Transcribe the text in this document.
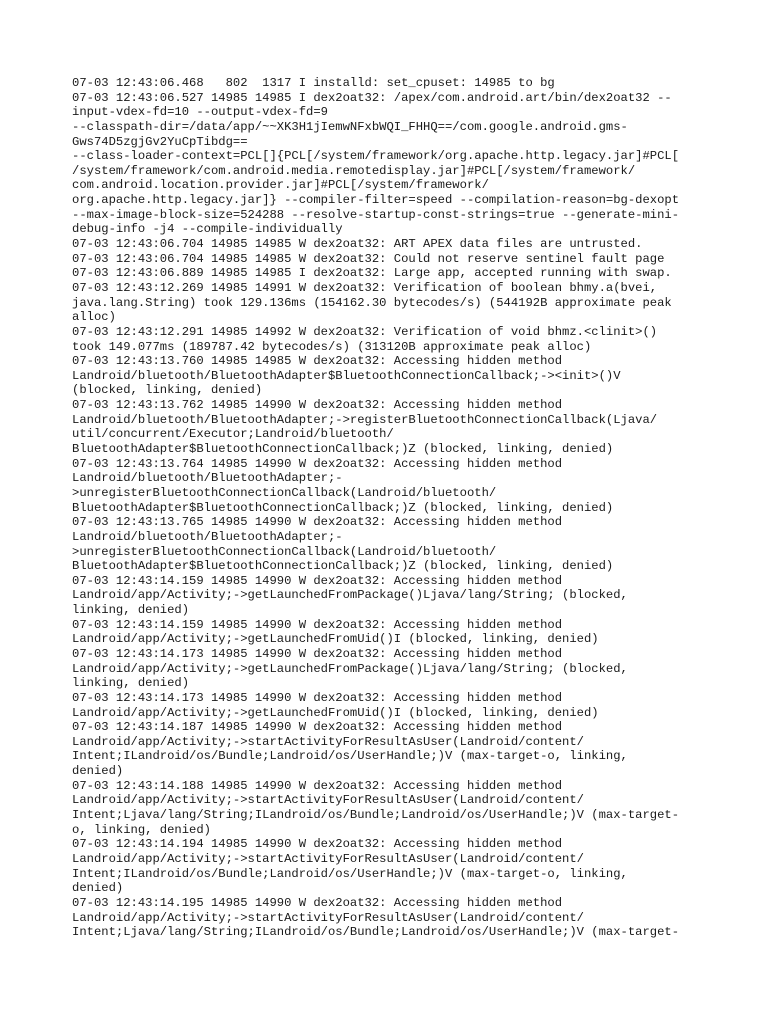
07-03 12:43:06.468   802  1317 I installd: set_cpuset: 14985 to bg
07-03 12:43:06.527 14985 14985 I dex2oat32: /apex/com.android.art/bin/dex2oat32 --
input-vdex-fd=10 --output-vdex-fd=9
--classpath-dir=/data/app/~~XK3H1jIemwNFxbWQI_FHHQ==/com.google.android.gms-
Gws74D5zgjGv2YuCpTibdg==
--class-loader-context=PCL[]{PCL[/system/framework/org.apache.http.legacy.jar]#PCL[
/system/framework/com.android.media.remotedisplay.jar]#PCL[/system/framework/
com.android.location.provider.jar]#PCL[/system/framework/
org.apache.http.legacy.jar]} --compiler-filter=speed --compilation-reason=bg-dexopt
--max-image-block-size=524288 --resolve-startup-const-strings=true --generate-mini-
debug-info -j4 --compile-individually
07-03 12:43:06.704 14985 14985 W dex2oat32: ART APEX data files are untrusted.
07-03 12:43:06.704 14985 14985 W dex2oat32: Could not reserve sentinel fault page
07-03 12:43:06.889 14985 14985 I dex2oat32: Large app, accepted running with swap.
07-03 12:43:12.269 14985 14991 W dex2oat32: Verification of boolean bhmy.a(bvei,
java.lang.String) took 129.136ms (154162.30 bytecodes/s) (544192B approximate peak
alloc)
07-03 12:43:12.291 14985 14992 W dex2oat32: Verification of void bhmz.<clinit>()
took 149.077ms (189787.42 bytecodes/s) (313120B approximate peak alloc)
07-03 12:43:13.760 14985 14985 W dex2oat32: Accessing hidden method
Landroid/bluetooth/BluetoothAdapter$BluetoothConnectionCallback;-><init>()V
(blocked, linking, denied)
07-03 12:43:13.762 14985 14990 W dex2oat32: Accessing hidden method
Landroid/bluetooth/BluetoothAdapter;->registerBluetoothConnectionCallback(Ljava/
util/concurrent/Executor;Landroid/bluetooth/
BluetoothAdapter$BluetoothConnectionCallback;)Z (blocked, linking, denied)
07-03 12:43:13.764 14985 14990 W dex2oat32: Accessing hidden method
Landroid/bluetooth/BluetoothAdapter;-
>unregisterBluetoothConnectionCallback(Landroid/bluetooth/
BluetoothAdapter$BluetoothConnectionCallback;)Z (blocked, linking, denied)
07-03 12:43:13.765 14985 14990 W dex2oat32: Accessing hidden method
Landroid/bluetooth/BluetoothAdapter;-
>unregisterBluetoothConnectionCallback(Landroid/bluetooth/
BluetoothAdapter$BluetoothConnectionCallback;)Z (blocked, linking, denied)
07-03 12:43:14.159 14985 14990 W dex2oat32: Accessing hidden method
Landroid/app/Activity;->getLaunchedFromPackage()Ljava/lang/String; (blocked,
linking, denied)
07-03 12:43:14.159 14985 14990 W dex2oat32: Accessing hidden method
Landroid/app/Activity;->getLaunchedFromUid()I (blocked, linking, denied)
07-03 12:43:14.173 14985 14990 W dex2oat32: Accessing hidden method
Landroid/app/Activity;->getLaunchedFromPackage()Ljava/lang/String; (blocked,
linking, denied)
07-03 12:43:14.173 14985 14990 W dex2oat32: Accessing hidden method
Landroid/app/Activity;->getLaunchedFromUid()I (blocked, linking, denied)
07-03 12:43:14.187 14985 14990 W dex2oat32: Accessing hidden method
Landroid/app/Activity;->startActivityForResultAsUser(Landroid/content/
Intent;ILandroid/os/Bundle;Landroid/os/UserHandle;)V (max-target-o, linking,
denied)
07-03 12:43:14.188 14985 14990 W dex2oat32: Accessing hidden method
Landroid/app/Activity;->startActivityForResultAsUser(Landroid/content/
Intent;Ljava/lang/String;ILandroid/os/Bundle;Landroid/os/UserHandle;)V (max-target-
o, linking, denied)
07-03 12:43:14.194 14985 14990 W dex2oat32: Accessing hidden method
Landroid/app/Activity;->startActivityForResultAsUser(Landroid/content/
Intent;ILandroid/os/Bundle;Landroid/os/UserHandle;)V (max-target-o, linking,
denied)
07-03 12:43:14.195 14985 14990 W dex2oat32: Accessing hidden method
Landroid/app/Activity;->startActivityForResultAsUser(Landroid/content/
Intent;Ljava/lang/String;ILandroid/os/Bundle;Landroid/os/UserHandle;)V (max-target-
